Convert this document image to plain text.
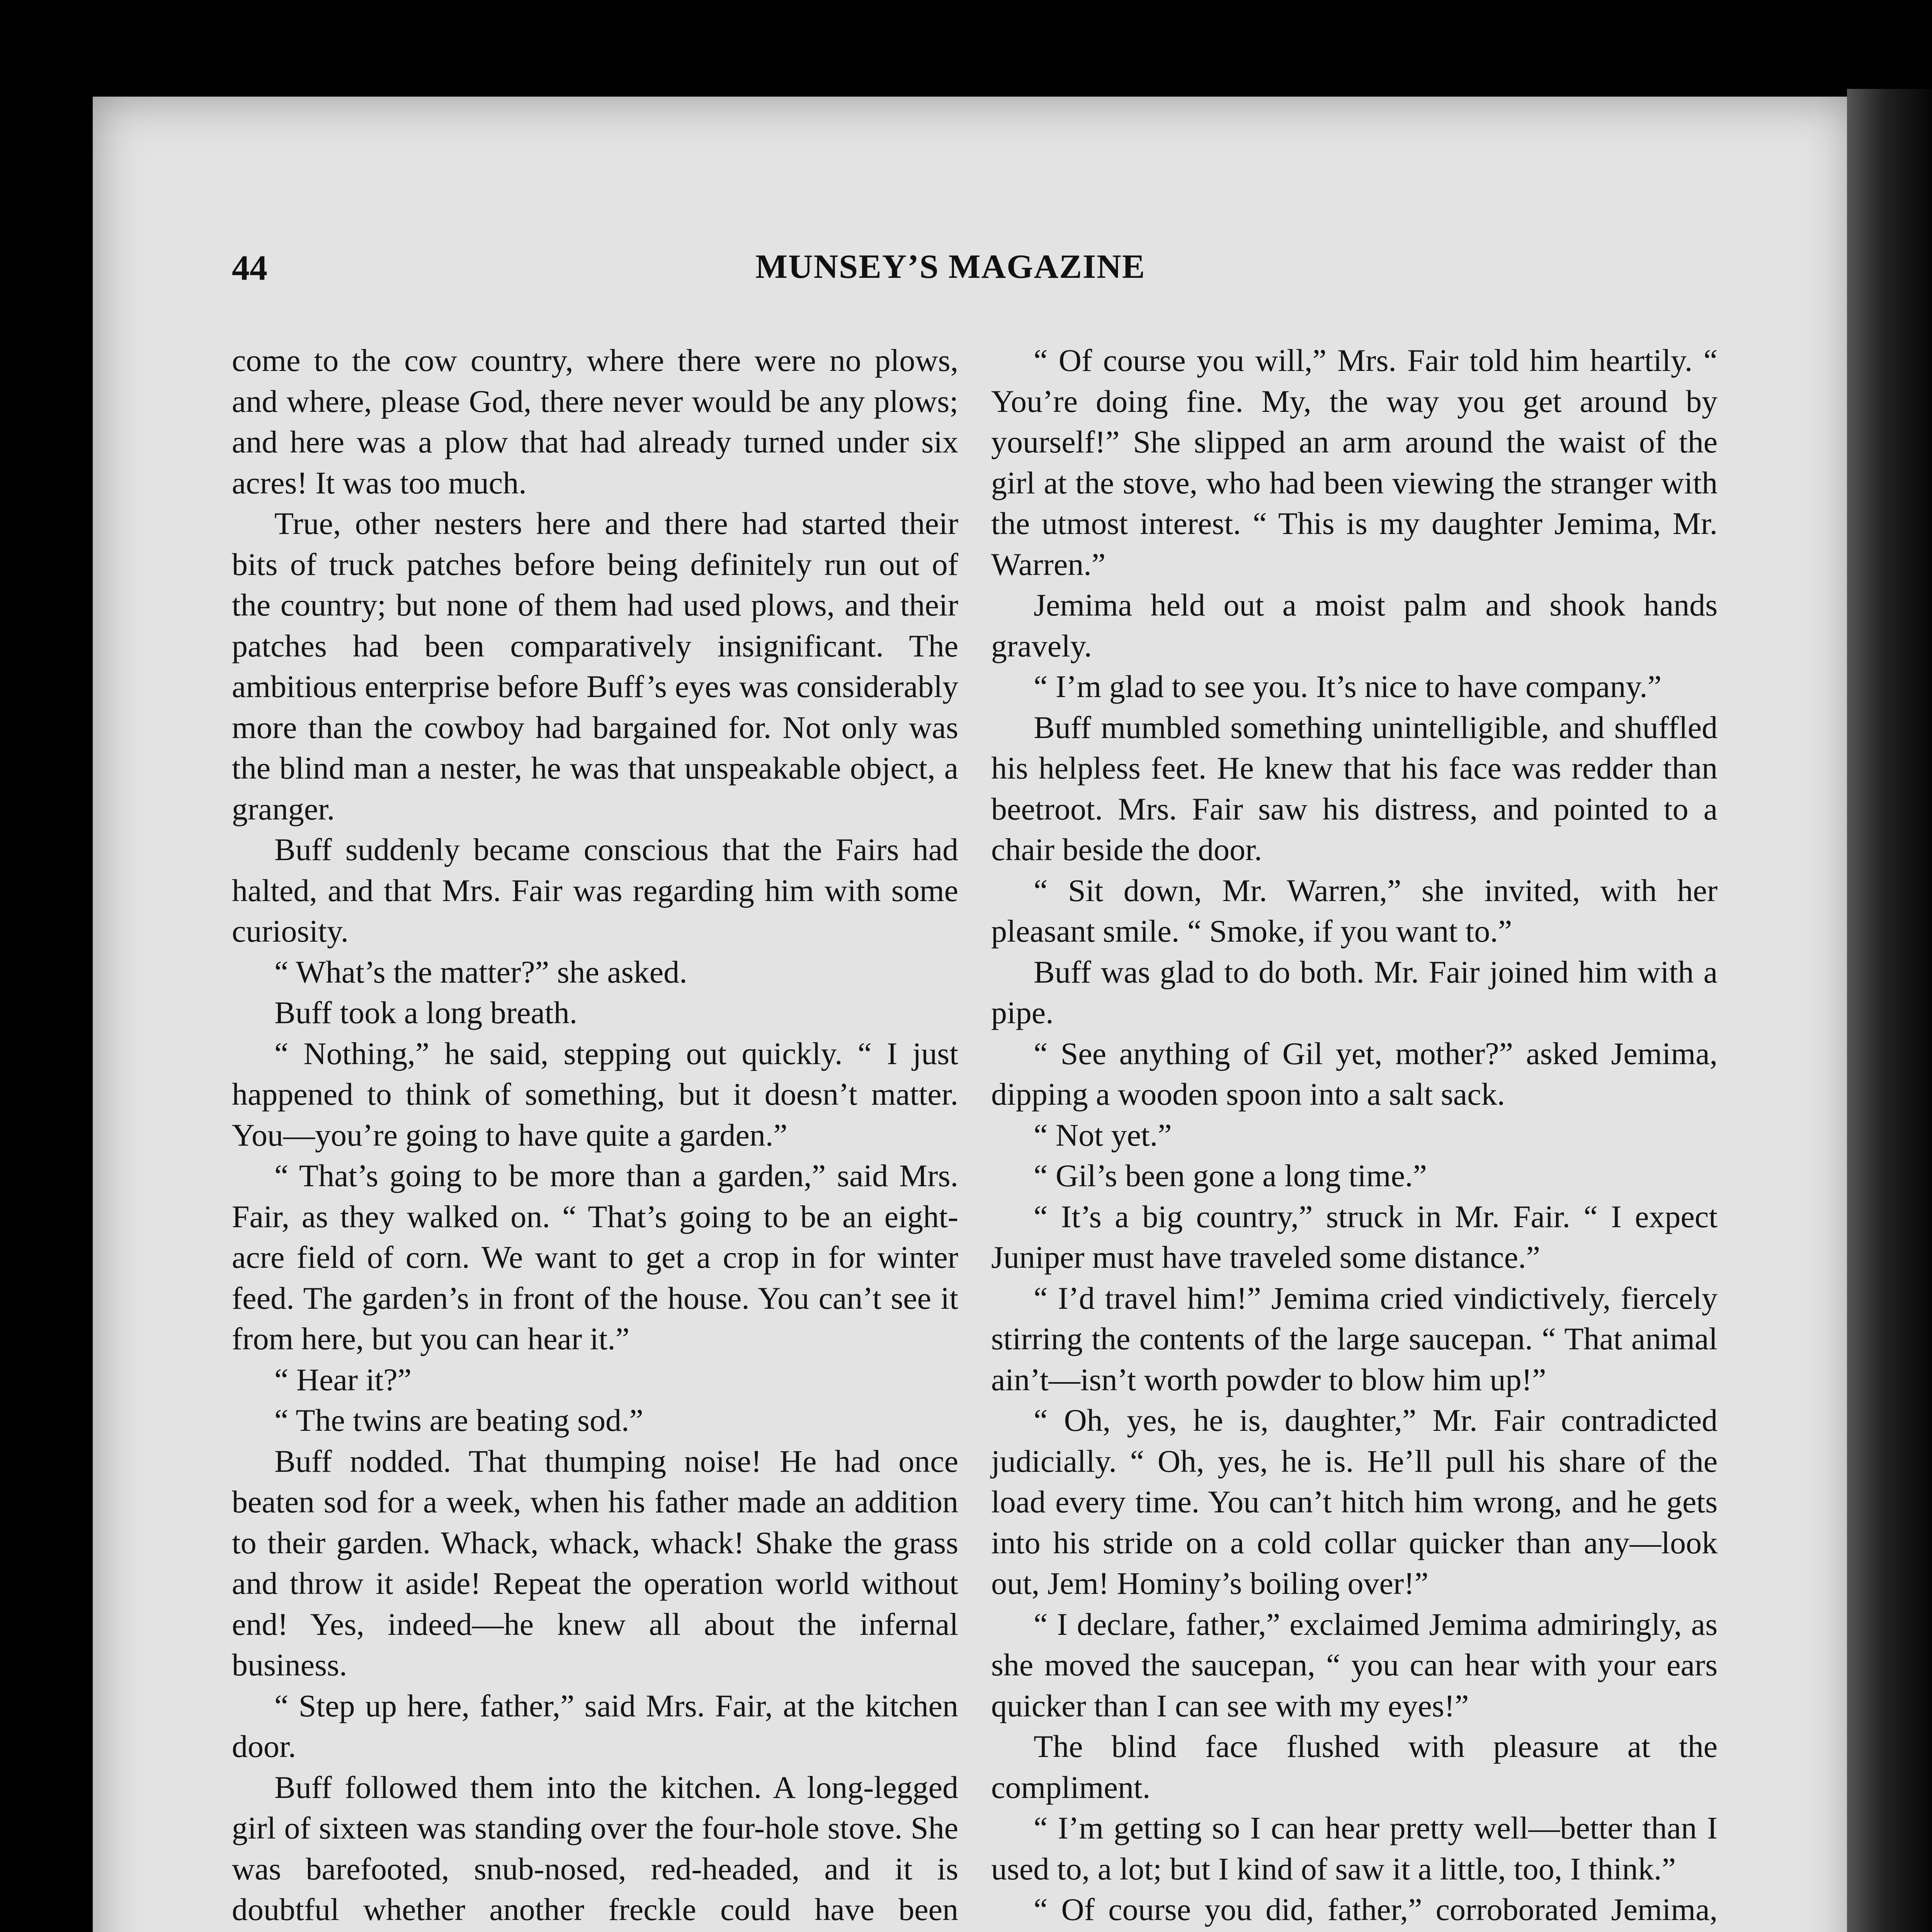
44	MUNSEY’S MAGAZINE

come to the cow country, where there were no plows, and where, please God, there never would be any plows; and here was a plow that had already turned under six acres! It was too much.

True, other nesters here and there had started their bits of truck patches before being definitely run out of the country; but none of them had used plows, and their patches had been comparatively insignificant. The ambitious enterprise before Buff’s eyes was considerably more than the cowboy had bargained for. Not only was the blind man a nester, he was that unspeakable object, a granger.

Buff suddenly became conscious that the Fairs had halted, and that Mrs. Fair was regarding him with some curiosity.

“ What’s the matter?” she asked.

Buff took a long breath.

“ Nothing,” he said, stepping out quickly. “ I just happened to think of something, but it doesn’t matter. You—you’re going to have quite a garden.”

“ That’s going to be more than a garden,” said Mrs. Fair, as they walked on. “ That’s going to be an eight-acre field of corn. We want to get a crop in for winter feed. The garden’s in front of the house. You can’t see it from here, but you can hear it.”

“ Hear it?”

“ The twins are beating sod.”

Buff nodded. That thumping noise! He had once beaten sod for a week, when his father made an addition to their garden. Whack, whack, whack! Shake the grass and throw it aside! Repeat the operation world without end! Yes, indeed—he knew all about the infernal business.

“ Step up here, father,” said Mrs. Fair, at the kitchen door.

Buff followed them into the kitchen. A long-legged girl of sixteen was standing over the four-hole stove. She was barefooted, snub-nosed, red-headed, and it is doubtful whether another freckle could have been

“ Of course you will,” Mrs. Fair told him heartily. “ You’re doing fine. My, the way you get around by yourself!” She slipped an arm around the waist of the girl at the stove, who had been viewing the stranger with the utmost interest. “ This is my daughter Jemima, Mr. Warren.”

Jemima held out a moist palm and shook hands gravely.

“ I’m glad to see you. It’s nice to have company.”

Buff mumbled something unintelligible, and shuffled his helpless feet. He knew that his face was redder than beetroot. Mrs. Fair saw his distress, and pointed to a chair beside the door.

“ Sit down, Mr. Warren,” she invited, with her pleasant smile. “ Smoke, if you want to.”

Buff was glad to do both. Mr. Fair joined him with a pipe.

“ See anything of Gil yet, mother?” asked Jemima, dipping a wooden spoon into a salt sack.

“ Not yet.”

“ Gil’s been gone a long time.”

“ It’s a big country,” struck in Mr. Fair. “ I expect Juniper must have traveled some distance.”

“ I’d travel him!” Jemima cried vindictively, fiercely stirring the contents of the large saucepan. “ That animal ain’t—isn’t worth powder to blow him up!”

“ Oh, yes, he is, daughter,” Mr. Fair contradicted judicially. “ Oh, yes, he is. He’ll pull his share of the load every time. You can’t hitch him wrong, and he gets into his stride on a cold collar quicker than any—look out, Jem! Hominy’s boiling over!”

“ I declare, father,” exclaimed Jemima admiringly, as she moved the saucepan, “ you can hear with your ears quicker than I can see with my eyes!”

The blind face flushed with pleasure at the compliment.

“ I’m getting so I can hear pretty well—better than I used to, a lot; but I kind of saw it a little, too, I think.”

“ Of course you did, father,” corroborated Jemima,
